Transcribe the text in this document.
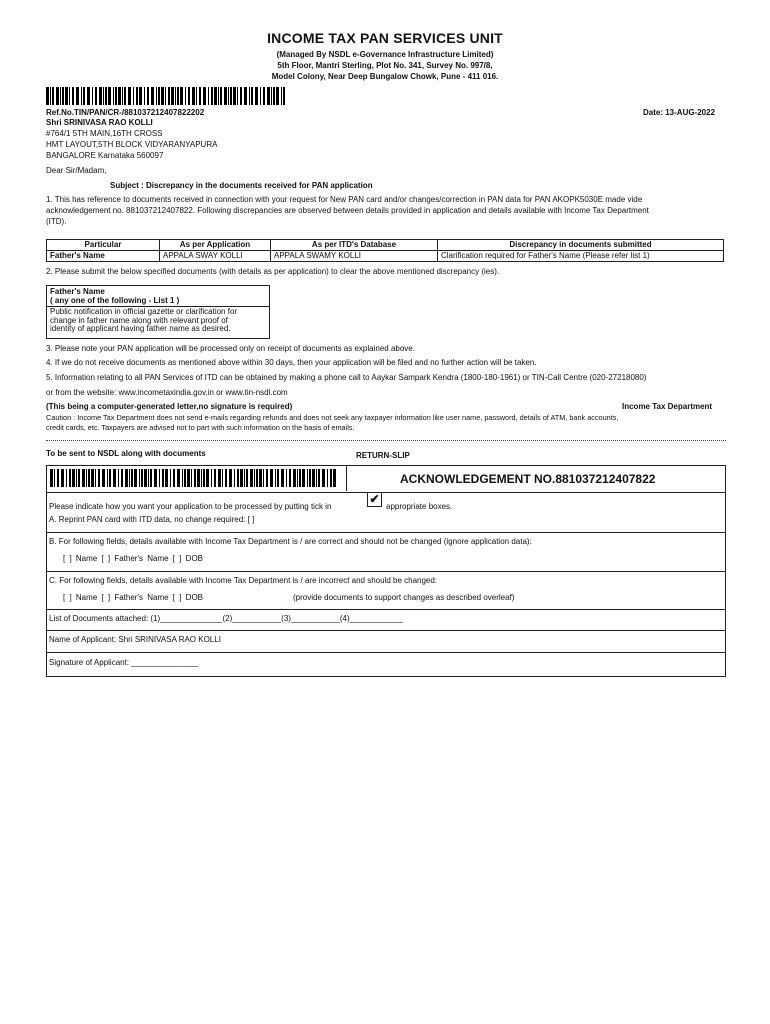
INCOME TAX PAN SERVICES UNIT
(Managed By NSDL e-Governance Infrastructure Limited)
5th Floor, Mantri Sterling, Plot No. 341, Survey No. 997/8,
Model Colony, Near Deep Bungalow Chowk, Pune - 411 016.
Ref.No.TIN/PAN/CR-/881037212407822202	Date: 13-AUG-2022
Shri SRINIVASA RAO KOLLI
#764/1 5TH MAIN,16TH CROSS
HMT LAYOUT,5TH BLOCK VIDYARANYAPURA
BANGALORE Karnataka 560097
Dear Sir/Madam,
Subject : Discrepancy in the documents received for PAN application
1. This has reference to documents received in connection with your request for New PAN card and/or changes/correction in PAN data for PAN AKOPK5030E made vide
acknowledgement no. 881037212407822. Following discrepancies are observed between details provided in application and details available with Income Tax Department
(ITD).
Particular	As per Application	As per ITD's Database	Discrepancy in documents submitted
Father's Name	APPALA SWAY KOLLI	APPALA SWAMY KOLLI	Clarification required for Father's Name (Please refer list 1)
2. Please submit the below specified documents (with details as per application) to clear the above mentioned discrepancy (ies).
Father's Name
( any one of the following - List 1 )
Public notification in official gazette or clarification for
change in father name along with relevant proof of
identity of applicant having father name as desired.
3. Please note your PAN application will be processed only on receipt of documents as explained above.
4. If we do not receive documents as mentioned above within 30 days, then your application will be filed and no further action will be taken.
5. Information relating to all PAN Services of ITD can be obtained by making a phone call to Aaykar Sampark Kendra (1800-180-1961) or TIN-Call Centre (020-27218080)
or from the website: www.incometaxindia.gov.in or www.tin-nsdl.com
(This being a computer-generated letter,no signature is required)	Income Tax Department
Caution : Income Tax Department does not send e-mails regarding refunds and does not seek any taxpayer information like user name, password, details of ATM, bank accounts,
credit cards, etc. Taxpayers are advised not to part with such information on the basis of emails.
To be sent to NSDL along with documents	RETURN-SLIP
ACKNOWLEDGEMENT NO.881037212407822
Please indicate how you want your application to be processed by putting tick in
✔
appropriate boxes.
A. Reprint PAN card with ITD data, no change required: [ ]
B. For following fields, details available with Income Tax Department is / are correct and should not be changed (ignore application data):
[ ] Name [ ] Father's Name [ ] DOB
C. For following fields, details available with Income Tax Department is / are incorrect and should be changed:
[ ] Name [ ] Father's Name [ ] DOB	(provide documents to support changes as described overleaf)
List of Documents attached: (1)______________(2)___________(3)___________(4)____________
Name of Applicant: Shri SRINIVASA RAO KOLLI
Signature of Applicant: _______________
